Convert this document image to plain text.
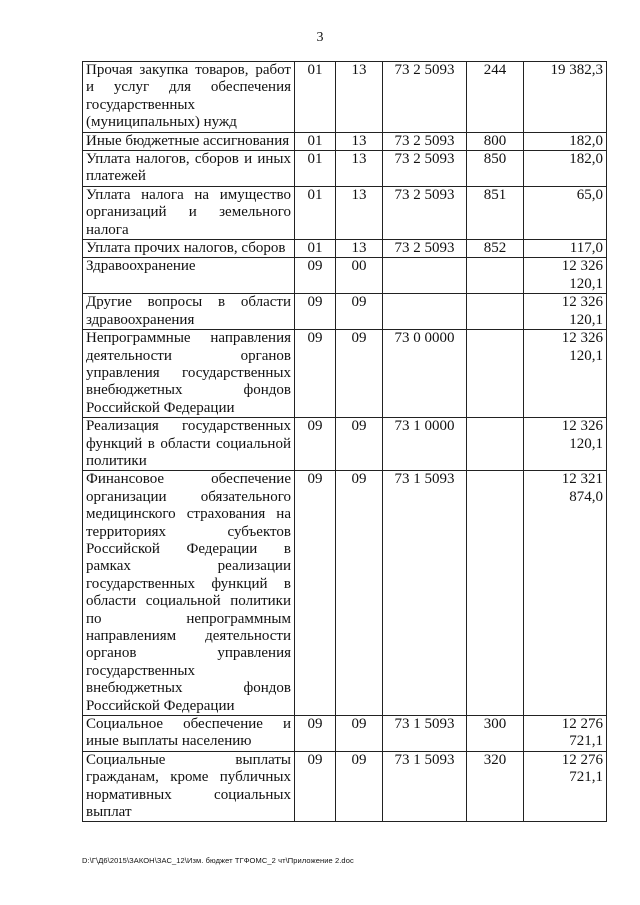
3
Прочая закупка товаров, работ и услуг для обеспечения государственных (муниципальных) нужд	01	13	73 2 5093	244	19 382,3
Иные бюджетные ассигнования	01	13	73 2 5093	800	182,0
Уплата налогов, сборов и иных платежей	01	13	73 2 5093	850	182,0
Уплата налога на имущество организаций и земельного налога	01	13	73 2 5093	851	65,0
Уплата прочих налогов, сборов	01	13	73 2 5093	852	117,0
Здравоохранение	09	00			12 326 120,1
Другие вопросы в области здравоохранения	09	09			12 326 120,1
Непрограммные направления деятельности органов управления государственных внебюджетных фондов Российской Федерации	09	09	73 0 0000		12 326 120,1
Реализация государственных функций в области социальной политики	09	09	73 1 0000		12 326 120,1
Финансовое обеспечение организации обязательного медицинского страхования на территориях субъектов Российской Федерации в рамках реализации государственных функций в области социальной политики по непрограммным направлениям деятельности органов управления государственных внебюджетных фондов Российской Федерации	09	09	73 1 5093		12 321 874,0
Социальное обеспечение и иные выплаты населению	09	09	73 1 5093	300	12 276 721,1
Социальные выплаты гражданам, кроме публичных нормативных социальных выплат	09	09	73 1 5093	320	12 276 721,1
D:\Г\Д6\2015\ЗАКОН\ЗАС_12\Изм. бюджет ТГФОМС_2 чт\Приложение 2.doc
